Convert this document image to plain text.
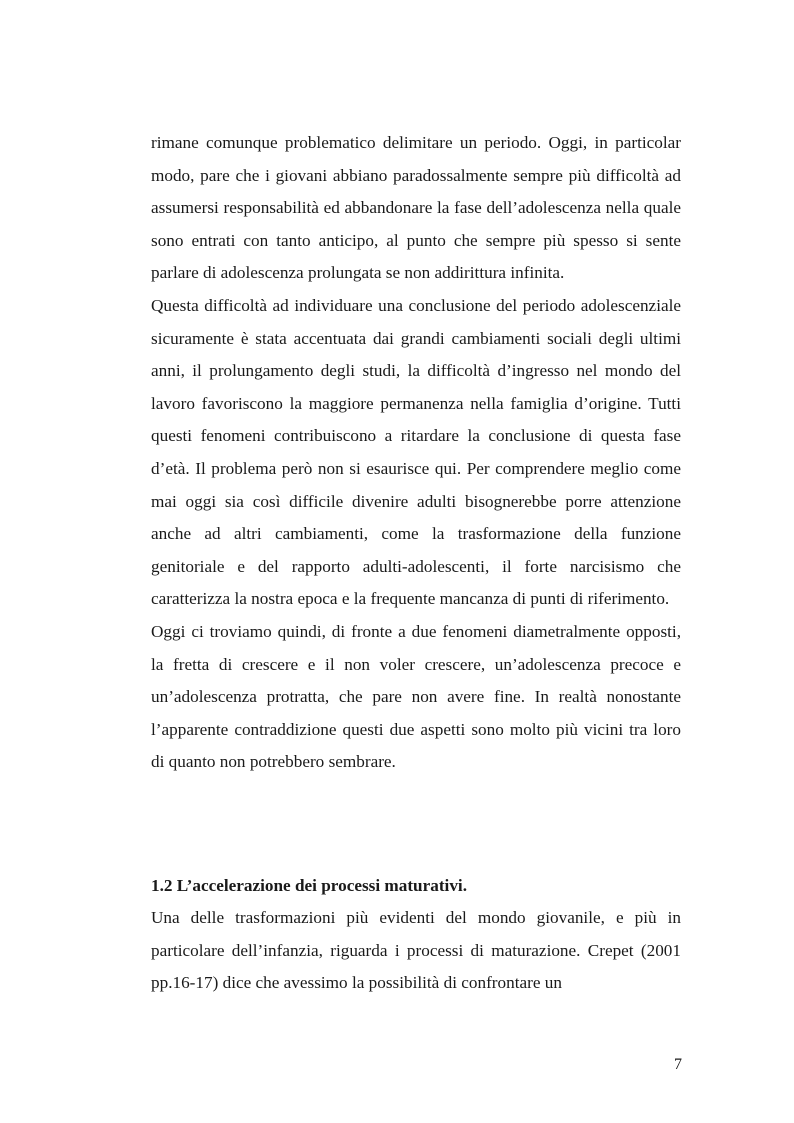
rimane comunque problematico delimitare un periodo. Oggi, in particolar modo, pare che i giovani abbiano paradossalmente sempre più difficoltà ad assumersi responsabilità ed abbandonare la fase dell’adolescenza nella quale sono entrati con tanto anticipo, al punto che sempre più spesso si sente parlare di adolescenza prolungata se non addirittura infinita.

Questa difficoltà ad individuare una conclusione del periodo adolescenziale sicuramente è stata accentuata dai grandi cambiamenti sociali degli ultimi anni, il prolungamento degli studi, la difficoltà d’ingresso nel mondo del lavoro favoriscono la maggiore permanenza nella famiglia d’origine. Tutti questi fenomeni contribuiscono a ritardare la conclusione di questa fase d’età. Il problema però non si esaurisce qui. Per comprendere meglio come mai oggi sia così difficile divenire adulti bisognerebbe porre attenzione anche ad altri cambiamenti, come la trasformazione della funzione genitoriale e del rapporto adulti-adolescenti, il forte narcisismo che caratterizza la nostra epoca e la frequente mancanza di punti di riferimento.

Oggi ci troviamo quindi, di fronte a due fenomeni diametralmente opposti, la fretta di crescere e il non voler crescere, un’adolescenza precoce e un’adolescenza protratta, che pare non avere fine. In realtà nonostante l’apparente contraddizione questi due aspetti sono molto più vicini tra loro di quanto non potrebbero sembrare.

1.2 L’accelerazione dei processi maturativi.

Una delle trasformazioni più evidenti del mondo giovanile, e più in particolare dell’infanzia, riguarda i processi di maturazione. Crepet (2001 pp.16-17) dice che avessimo la possibilità di confrontare un

7
